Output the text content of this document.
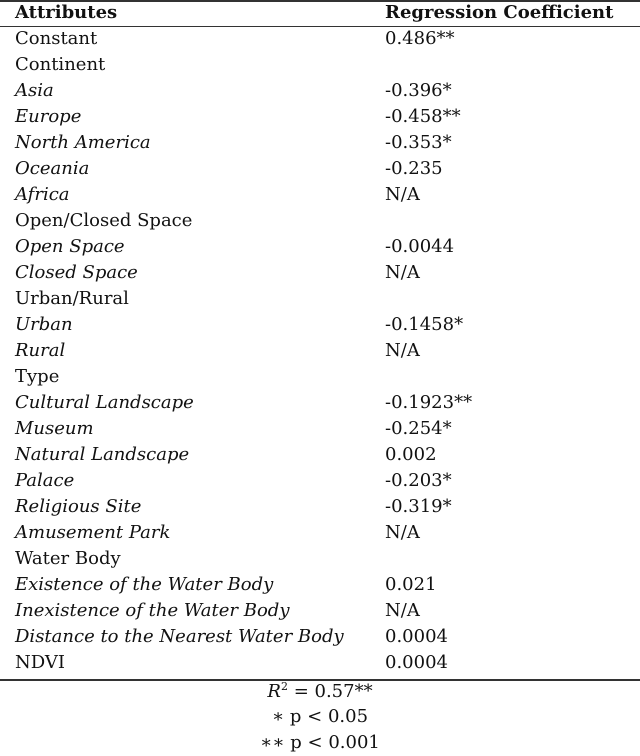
Attributes	Regression Coefficient
Constant	0.486**
Continent
Asia	-0.396*
Europe	-0.458**
North America	-0.353*
Oceania	-0.235
Africa	N/A
Open/Closed Space
Open Space	-0.0044
Closed Space	N/A
Urban/Rural
Urban	-0.1458*
Rural	N/A
Type
Cultural Landscape	-0.1923**
Museum	-0.254*
Natural Landscape	0.002
Palace	-0.203*
Religious Site	-0.319*
Amusement Park	N/A
Water Body
Existence of the Water Body	0.021
Inexistence of the Water Body	N/A
Distance to the Nearest Water Body 0.0004
NDVI	0.0004
$R^2 = 0.57**$
∗ p < 0.05
∗∗ p < 0.001
